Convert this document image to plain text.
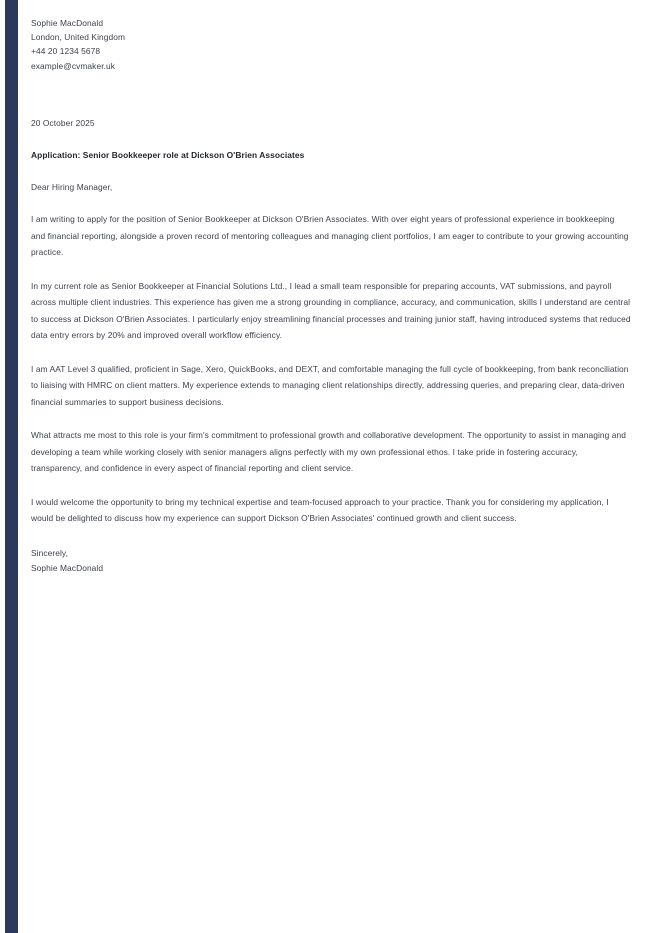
Sophie MacDonald
London, United Kingdom
+44 20 1234 5678
example@cvmaker.uk
20 October 2025
Application: Senior Bookkeeper role at Dickson O'Brien Associates
Dear Hiring Manager,
I am writing to apply for the position of Senior Bookkeeper at Dickson O'Brien Associates. With over eight years of professional experience in bookkeeping and financial reporting, alongside a proven record of mentoring colleagues and managing client portfolios, I am eager to contribute to your growing accounting practice.
In my current role as Senior Bookkeeper at Financial Solutions Ltd., I lead a small team responsible for preparing accounts, VAT submissions, and payroll across multiple client industries. This experience has given me a strong grounding in compliance, accuracy, and communication, skills I understand are central to success at Dickson O'Brien Associates. I particularly enjoy streamlining financial processes and training junior staff, having introduced systems that reduced data entry errors by 20% and improved overall workflow efficiency.
I am AAT Level 3 qualified, proficient in Sage, Xero, QuickBooks, and DEXT, and comfortable managing the full cycle of bookkeeping, from bank reconciliation to liaising with HMRC on client matters. My experience extends to managing client relationships directly, addressing queries, and preparing clear, data-driven financial summaries to support business decisions.
What attracts me most to this role is your firm's commitment to professional growth and collaborative development. The opportunity to assist in managing and developing a team while working closely with senior managers aligns perfectly with my own professional ethos. I take pride in fostering accuracy, transparency, and confidence in every aspect of financial reporting and client service.
I would welcome the opportunity to bring my technical expertise and team-focused approach to your practice. Thank you for considering my application, I would be delighted to discuss how my experience can support Dickson O'Brien Associates' continued growth and client success.
Sincerely,
Sophie MacDonald
